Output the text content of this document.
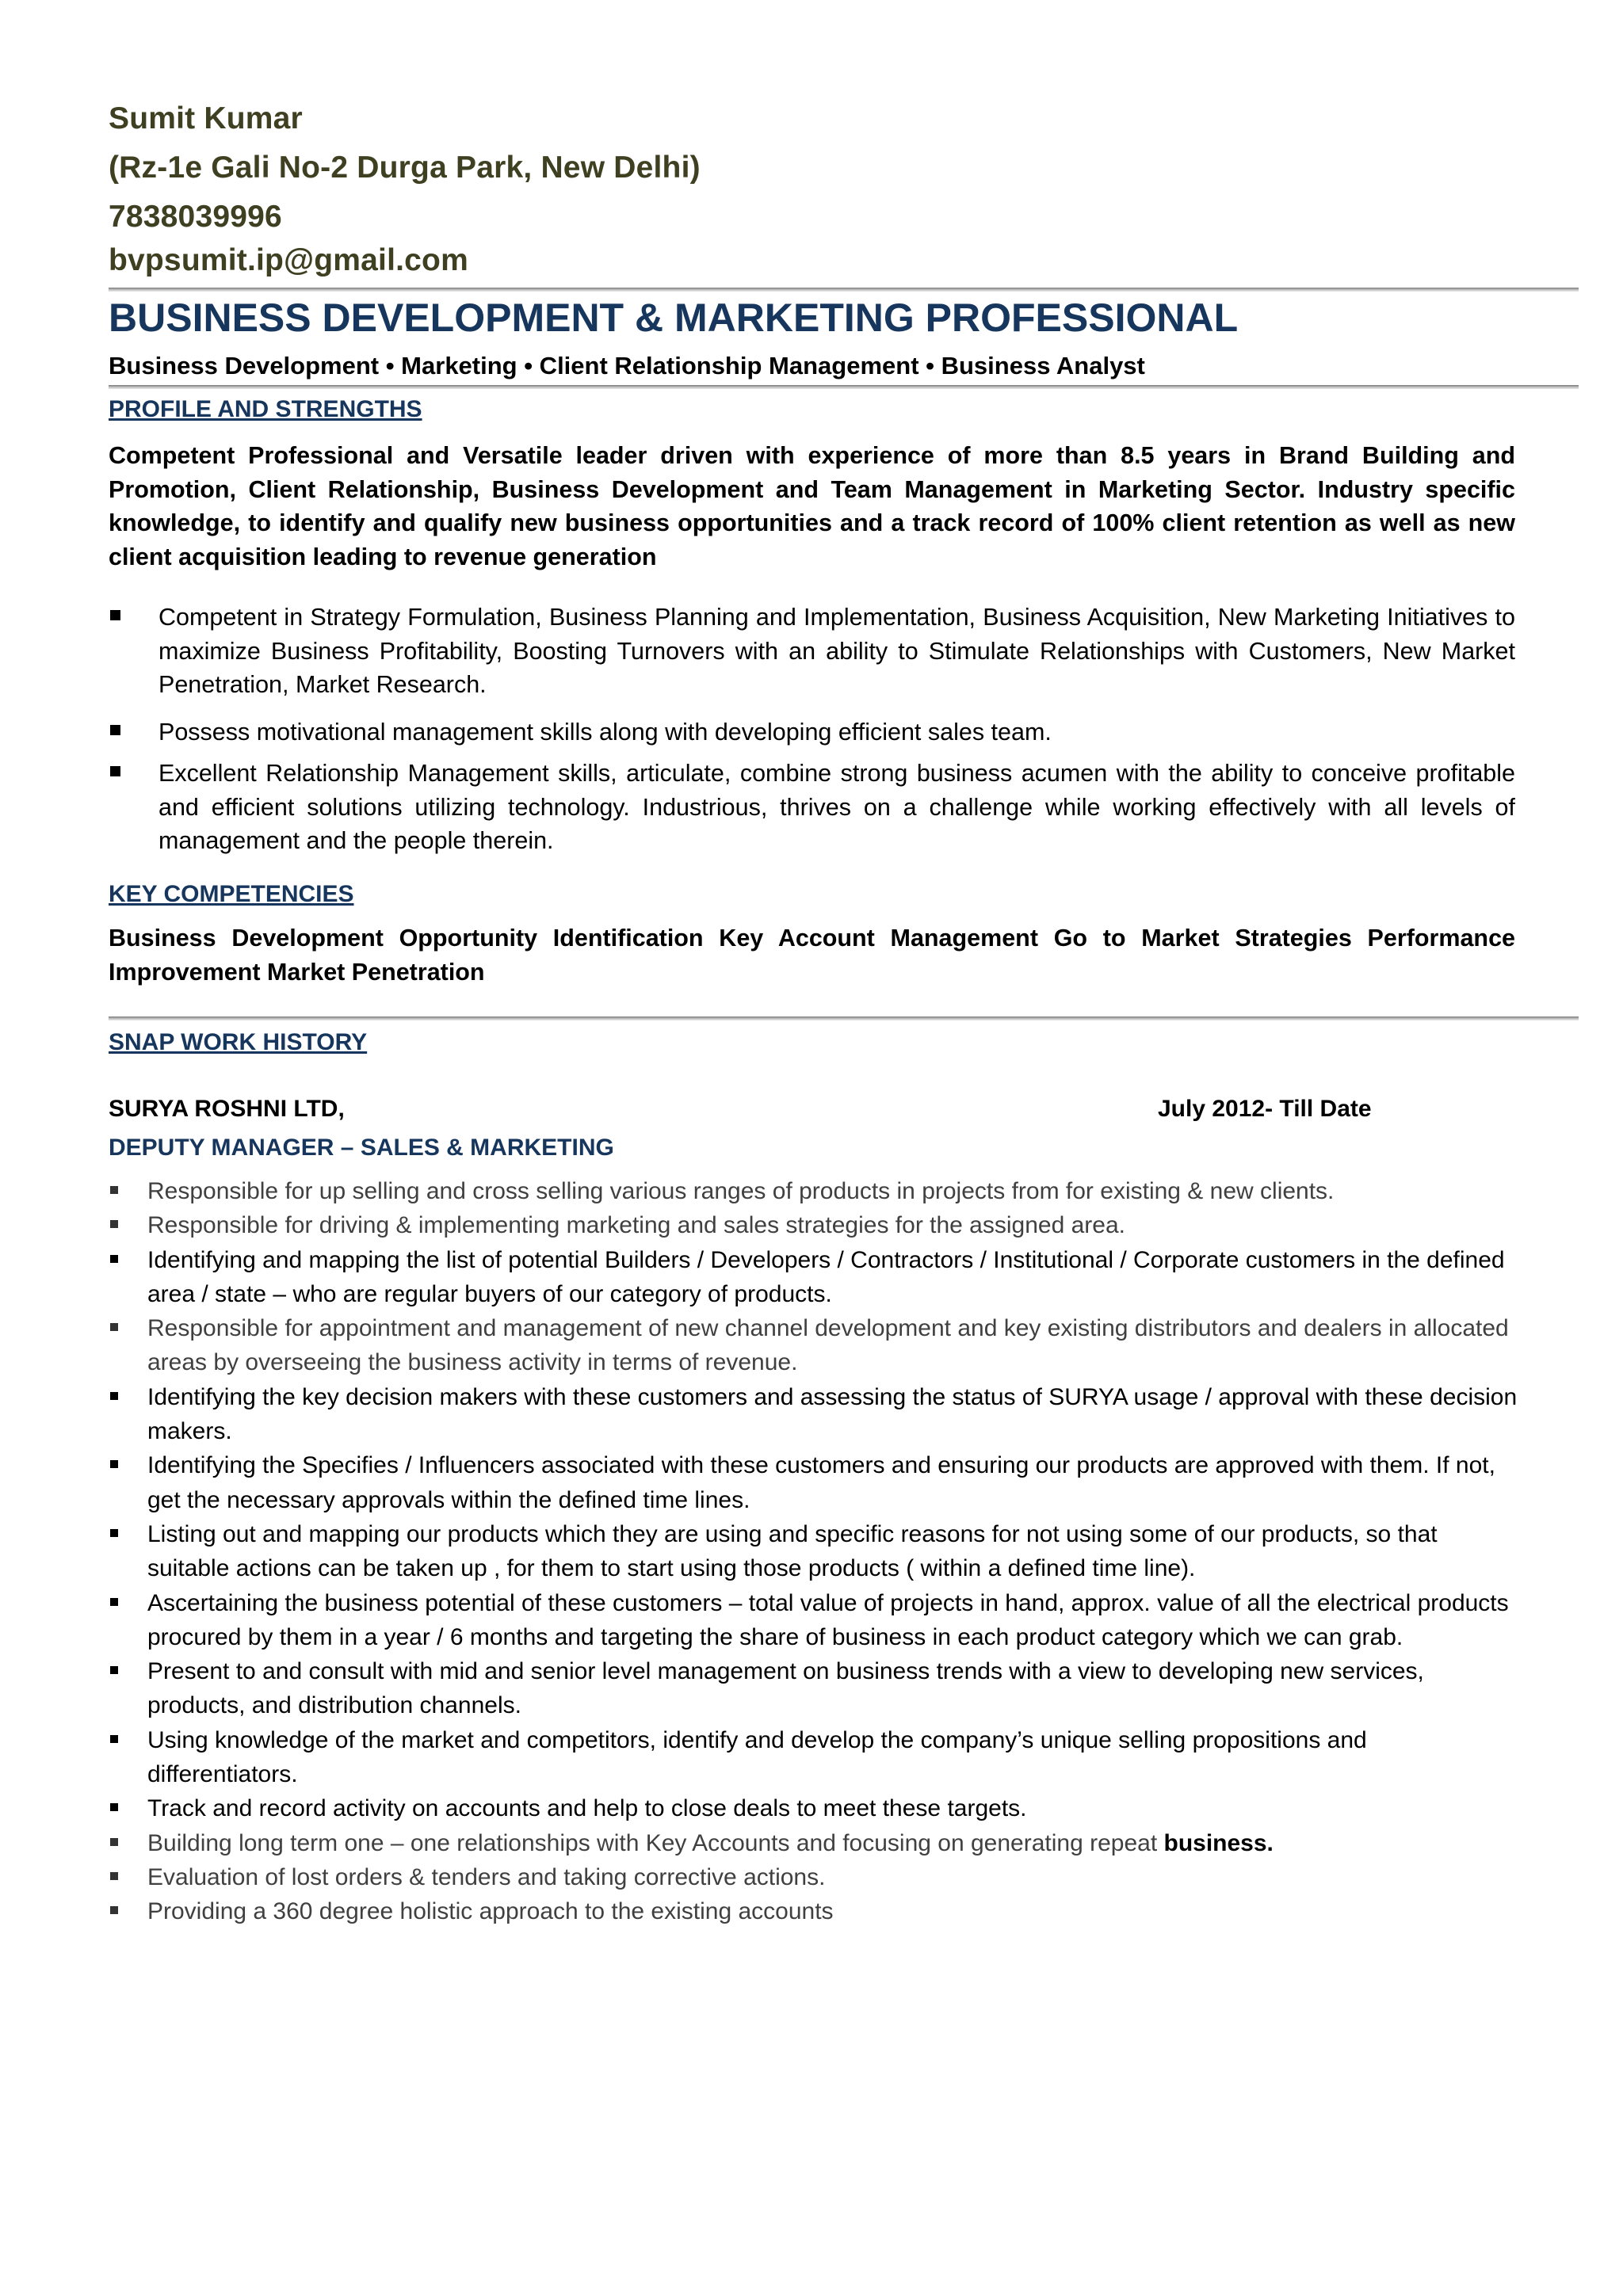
Sumit Kumar
(Rz-1e Gali No-2 Durga Park, New Delhi)
7838039996
bvpsumit.ip@gmail.com
BUSINESS DEVELOPMENT & MARKETING PROFESSIONAL
Business Development • Marketing • Client Relationship Management • Business Analyst
PROFILE AND STRENGTHS
Competent Professional and Versatile leader driven with experience of more than 8.5 years in Brand Building and Promotion, Client Relationship, Business Development and Team Management in Marketing Sector. Industry specific knowledge, to identify and qualify new business opportunities and a track record of 100% client retention as well as new client acquisition leading to revenue generation
Competent in Strategy Formulation, Business Planning and Implementation, Business Acquisition, New Marketing Initiatives to maximize Business Profitability, Boosting Turnovers with an ability to Stimulate Relationships with Customers, New Market Penetration, Market Research.
Possess motivational management skills along with developing efficient sales team.
Excellent Relationship Management skills, articulate, combine strong business acumen with the ability to conceive profitable and efficient solutions utilizing technology. Industrious, thrives on a challenge while working effectively with all levels of management and the people therein.
KEY COMPETENCIES
Business Development Opportunity Identification Key Account Management Go to Market Strategies Performance Improvement Market Penetration
SNAP WORK HISTORY
SURYA ROSHNI LTD,	July 2012- Till Date
DEPUTY MANAGER – SALES & MARKETING
Responsible for up selling and cross selling various ranges of products in projects from for existing & new clients.
Responsible for driving & implementing marketing and sales strategies for the assigned area.
Identifying and mapping the list of potential Builders / Developers / Contractors / Institutional / Corporate customers in the defined area / state – who are regular buyers of our category of products.
Responsible for appointment and management of new channel development and key existing distributors and dealers in allocated areas by overseeing the business activity in terms of revenue.
Identifying the key decision makers with these customers and assessing the status of SURYA usage / approval with these decision makers.
Identifying the Specifies / Influencers associated with these customers and ensuring our products are approved with them. If not, get the necessary approvals within the defined time lines.
Listing out and mapping our products which they are using and specific reasons for not using some of our products, so that suitable actions can be taken up , for them to start using those products ( within a defined time line).
Ascertaining the business potential of these customers – total value of projects in hand, approx. value of all the electrical products procured by them in a year / 6 months and targeting the share of business in each product category which we can grab.
Present to and consult with mid and senior level management on business trends with a view to developing new services, products, and distribution channels.
Using knowledge of the market and competitors, identify and develop the company’s unique selling propositions and differentiators.
Track and record activity on accounts and help to close deals to meet these targets.
Building long term one – one relationships with Key Accounts and focusing on generating repeat business.
Evaluation of lost orders & tenders and taking corrective actions.
Providing a 360 degree holistic approach to the existing accounts
